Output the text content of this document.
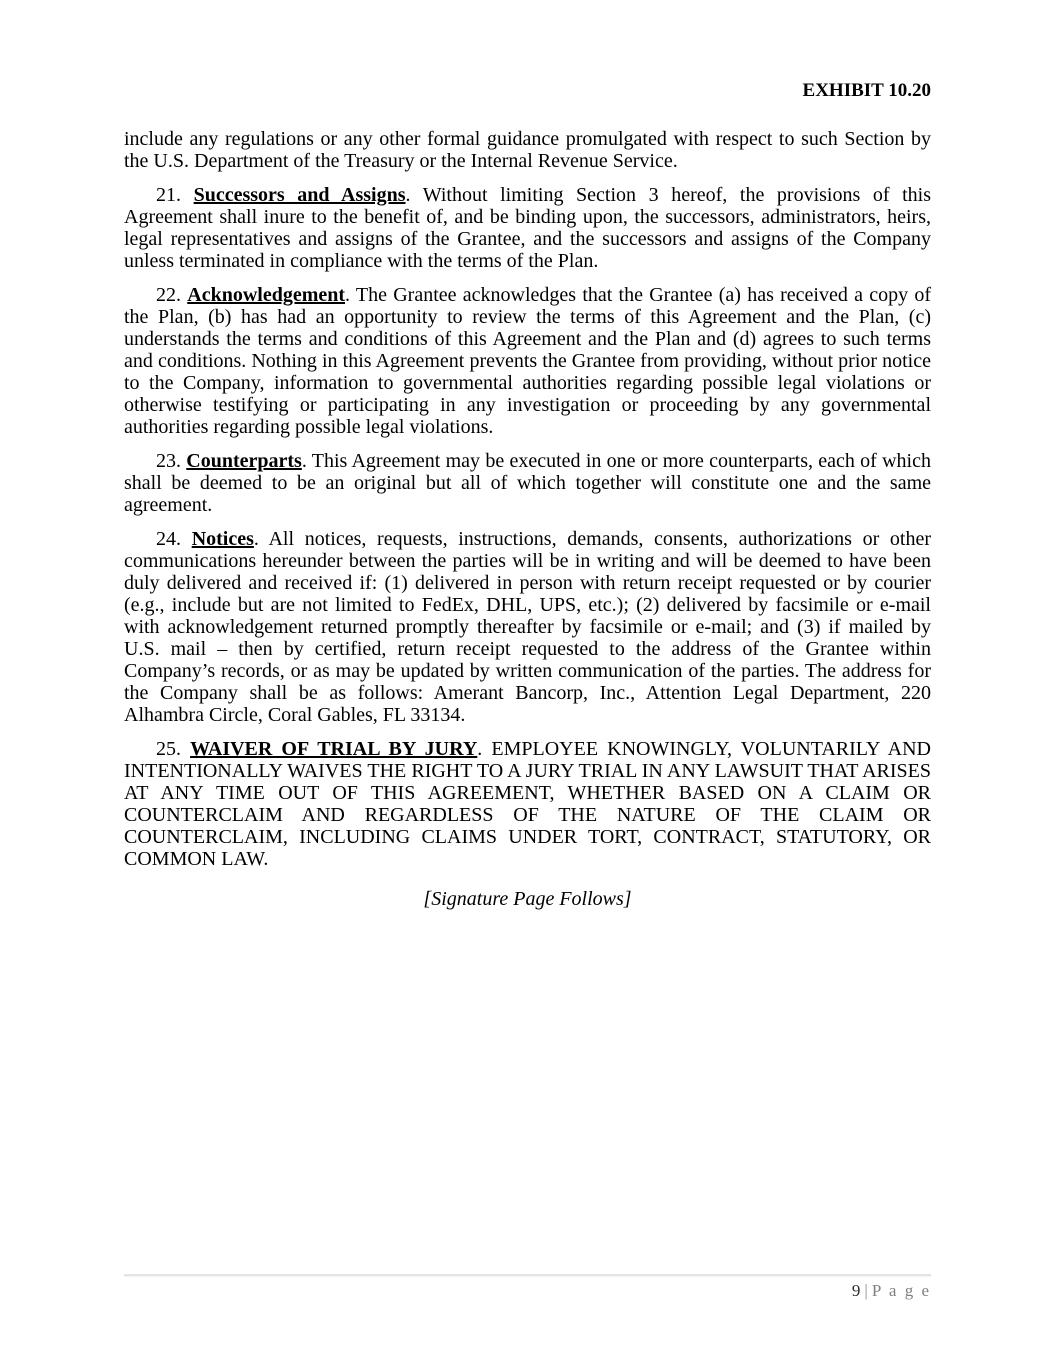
EXHIBIT 10.20

include any regulations or any other formal guidance promulgated with respect to such Section by the U.S. Department of the Treasury or the Internal Revenue Service.

21. Successors and Assigns. Without limiting Section 3 hereof, the provisions of this Agreement shall inure to the benefit of, and be binding upon, the successors, administrators, heirs, legal representatives and assigns of the Grantee, and the successors and assigns of the Company unless terminated in compliance with the terms of the Plan.

22. Acknowledgement. The Grantee acknowledges that the Grantee (a) has received a copy of the Plan, (b) has had an opportunity to review the terms of this Agreement and the Plan, (c) understands the terms and conditions of this Agreement and the Plan and (d) agrees to such terms and conditions. Nothing in this Agreement prevents the Grantee from providing, without prior notice to the Company, information to governmental authorities regarding possible legal violations or otherwise testifying or participating in any investigation or proceeding by any governmental authorities regarding possible legal violations.

23. Counterparts. This Agreement may be executed in one or more counterparts, each of which shall be deemed to be an original but all of which together will constitute one and the same agreement.

24. Notices. All notices, requests, instructions, demands, consents, authorizations or other communications hereunder between the parties will be in writing and will be deemed to have been duly delivered and received if: (1) delivered in person with return receipt requested or by courier (e.g., include but are not limited to FedEx, DHL, UPS, etc.); (2) delivered by facsimile or e-mail with acknowledgement returned promptly thereafter by facsimile or e-mail; and (3) if mailed by U.S. mail – then by certified, return receipt requested to the address of the Grantee within Company’s records, or as may be updated by written communication of the parties. The address for the Company shall be as follows: Amerant Bancorp, Inc., Attention Legal Department, 220 Alhambra Circle, Coral Gables, FL 33134.

25. WAIVER OF TRIAL BY JURY. EMPLOYEE KNOWINGLY, VOLUNTARILY AND INTENTIONALLY WAIVES THE RIGHT TO A JURY TRIAL IN ANY LAWSUIT THAT ARISES AT ANY TIME OUT OF THIS AGREEMENT, WHETHER BASED ON A CLAIM OR COUNTERCLAIM AND REGARDLESS OF THE NATURE OF THE CLAIM OR COUNTERCLAIM, INCLUDING CLAIMS UNDER TORT, CONTRACT, STATUTORY, OR COMMON LAW.

[Signature Page Follows]

9 | P a g e
